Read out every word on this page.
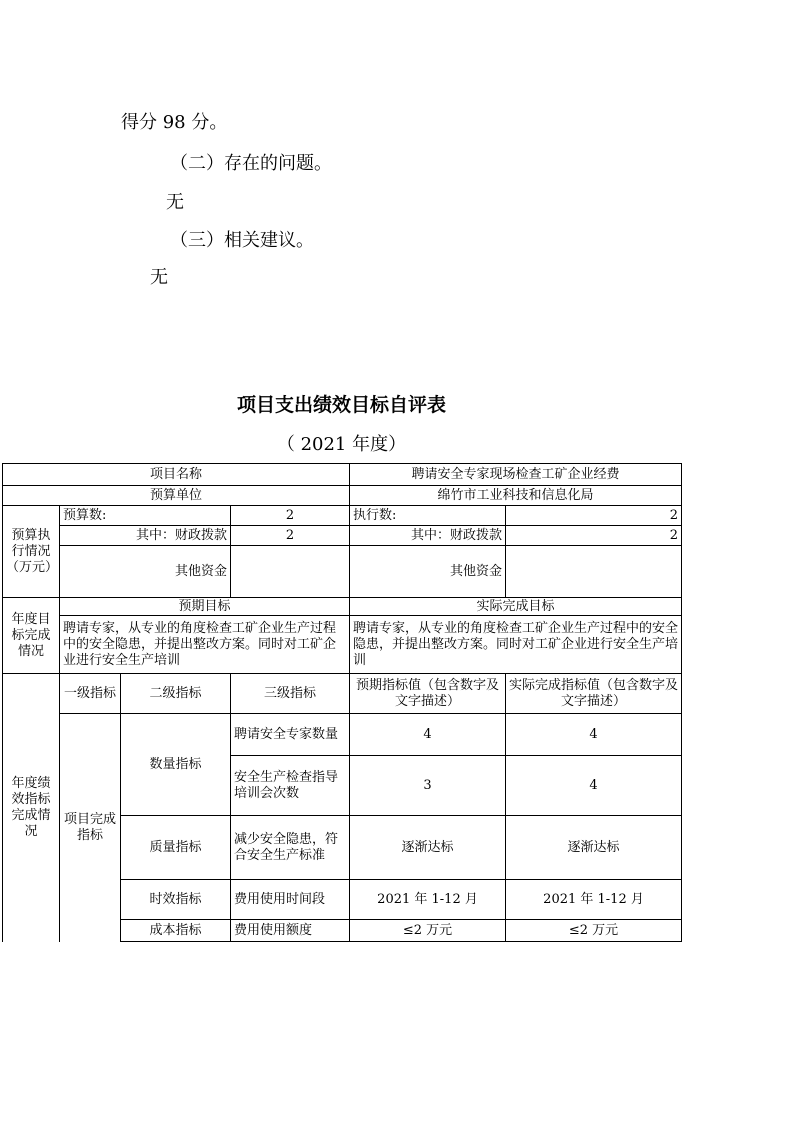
得分 98 分。
（二）存在的问题。
无
（三）相关建议。
无
项目支出绩效目标自评表
（ 2021 年度）
项目名称				聘请安全专家现场检查工矿企业经费	
预算单位				绵竹市工业科技和信息化局	
预算执行情况（万元）	预算数:		2	执行数:	2
	其中：财政拨款		2	其中：财政拨款	2
	其他资金			其他资金	
年度目标完成情况	预期目标			实际完成目标	
	聘请专家，从专业的角度检查工矿企业生产过程中的安全隐患，并提出整改方案。同时对工矿企业进行安全生产培训			聘请专家，从专业的角度检查工矿企业生产过程中的安全隐患，并提出整改方案。同时对工矿企业进行安全生产培训	
年度绩效指标完成情况	一级指标	二级指标	三级指标	预期指标值（包含数字及文字描述）	实际完成指标值（包含数字及文字描述）
	项目完成指标	数量指标	聘请安全专家数量	4	4
			安全生产检查指导培训会次数	3	4
		质量指标	减少安全隐患，符合安全生产标准	逐渐达标	逐渐达标
		时效指标	费用使用时间段	2021 年 1-12 月	2021 年 1-12 月
		成本指标	费用使用额度	≤2 万元	≤2 万元
